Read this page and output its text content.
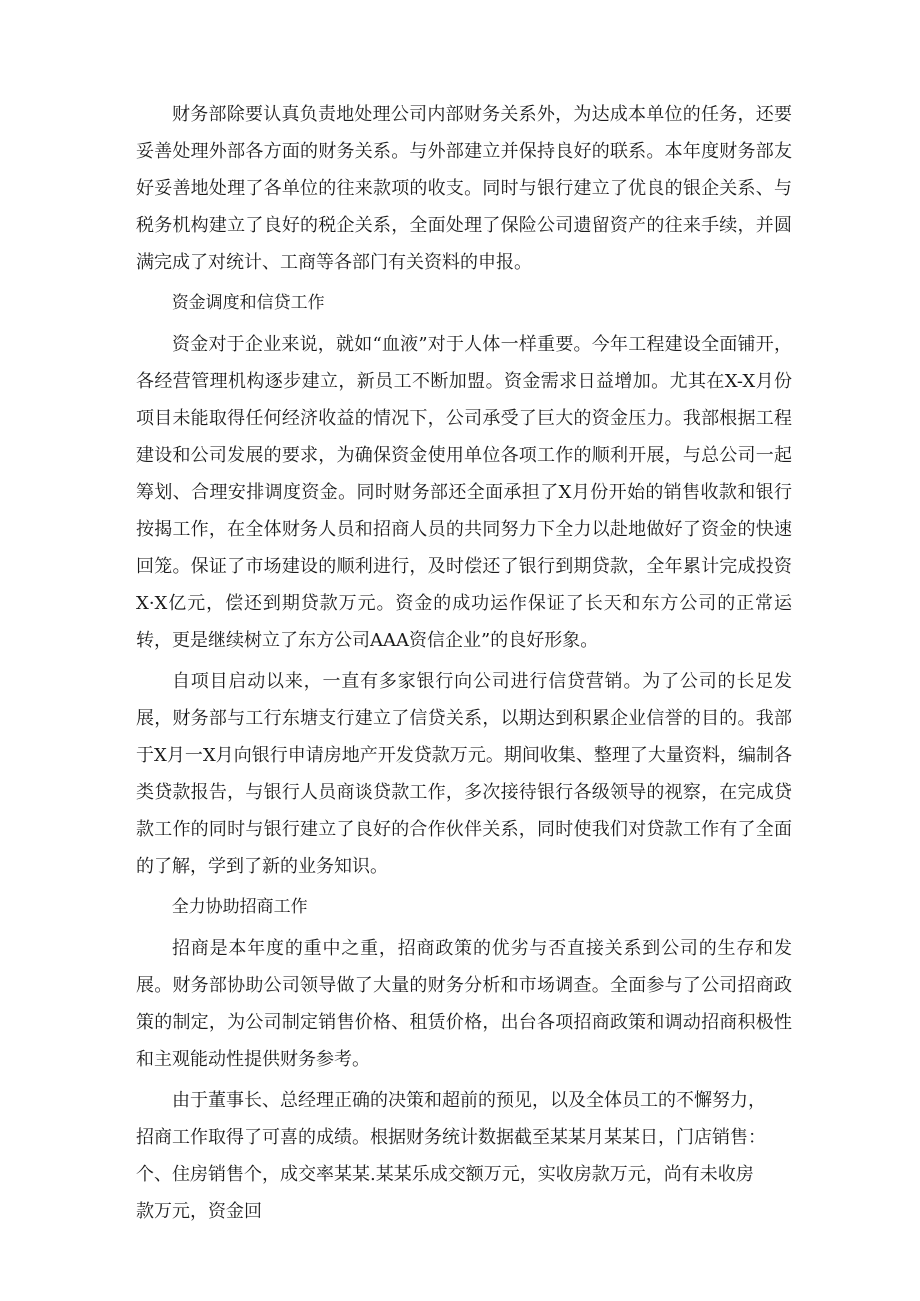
财务部除要认真负责地处理公司内部财务关系外，为达成本单位的任务，还要妥善处理外部各方面的财务关系。与外部建立并保持良好的联系。本年度财务部友好妥善地处理了各单位的往来款项的收支。同时与银行建立了优良的银企关系、与税务机构建立了良好的税企关系，全面处理了保险公司遗留资产的往来手续，并圆满完成了对统计、工商等各部门有关资料的申报。

资金调度和信贷工作

资金对于企业来说，就如“血液”对于人体一样重要。今年工程建设全面铺开，各经营管理机构逐步建立，新员工不断加盟。资金需求日益增加。尤其在X-X月份项目未能取得任何经济收益的情况下，公司承受了巨大的资金压力。我部根据工程建设和公司发展的要求，为确保资金使用单位各项工作的顺利开展，与总公司一起筹划、合理安排调度资金。同时财务部还全面承担了X月份开始的销售收款和银行按揭工作，在全体财务人员和招商人员的共同努力下全力以赴地做好了资金的快速回笼。保证了市场建设的顺利进行，及时偿还了银行到期贷款，全年累计完成投资X·X亿元，偿还到期贷款万元。资金的成功运作保证了长天和东方公司的正常运转，更是继续树立了东方公司AAA资信企业”的良好形象。

自项目启动以来，一直有多家银行向公司进行信贷营销。为了公司的长足发展，财务部与工行东塘支行建立了信贷关系，以期达到积累企业信誉的目的。我部于X月一X月向银行申请房地产开发贷款万元。期间收集、整理了大量资料，编制各类贷款报告，与银行人员商谈贷款工作，多次接待银行各级领导的视察，在完成贷款工作的同时与银行建立了良好的合作伙伴关系，同时使我们对贷款工作有了全面的了解，学到了新的业务知识。

全力协助招商工作

招商是本年度的重中之重，招商政策的优劣与否直接关系到公司的生存和发展。财务部协助公司领导做了大量的财务分析和市场调查。全面参与了公司招商政策的制定，为公司制定销售价格、租赁价格，出台各项招商政策和调动招商积极性和主观能动性提供财务参考。

由于董事长、总经理正确的决策和超前的预见，以及全体员工的不懈努力，招商工作取得了可喜的成绩。根据财务统计数据截至某某月某某日，门店销售：个、住房销售个，成交率某某.某某乐成交额万元，实收房款万元，尚有未收房款万元，资金回
